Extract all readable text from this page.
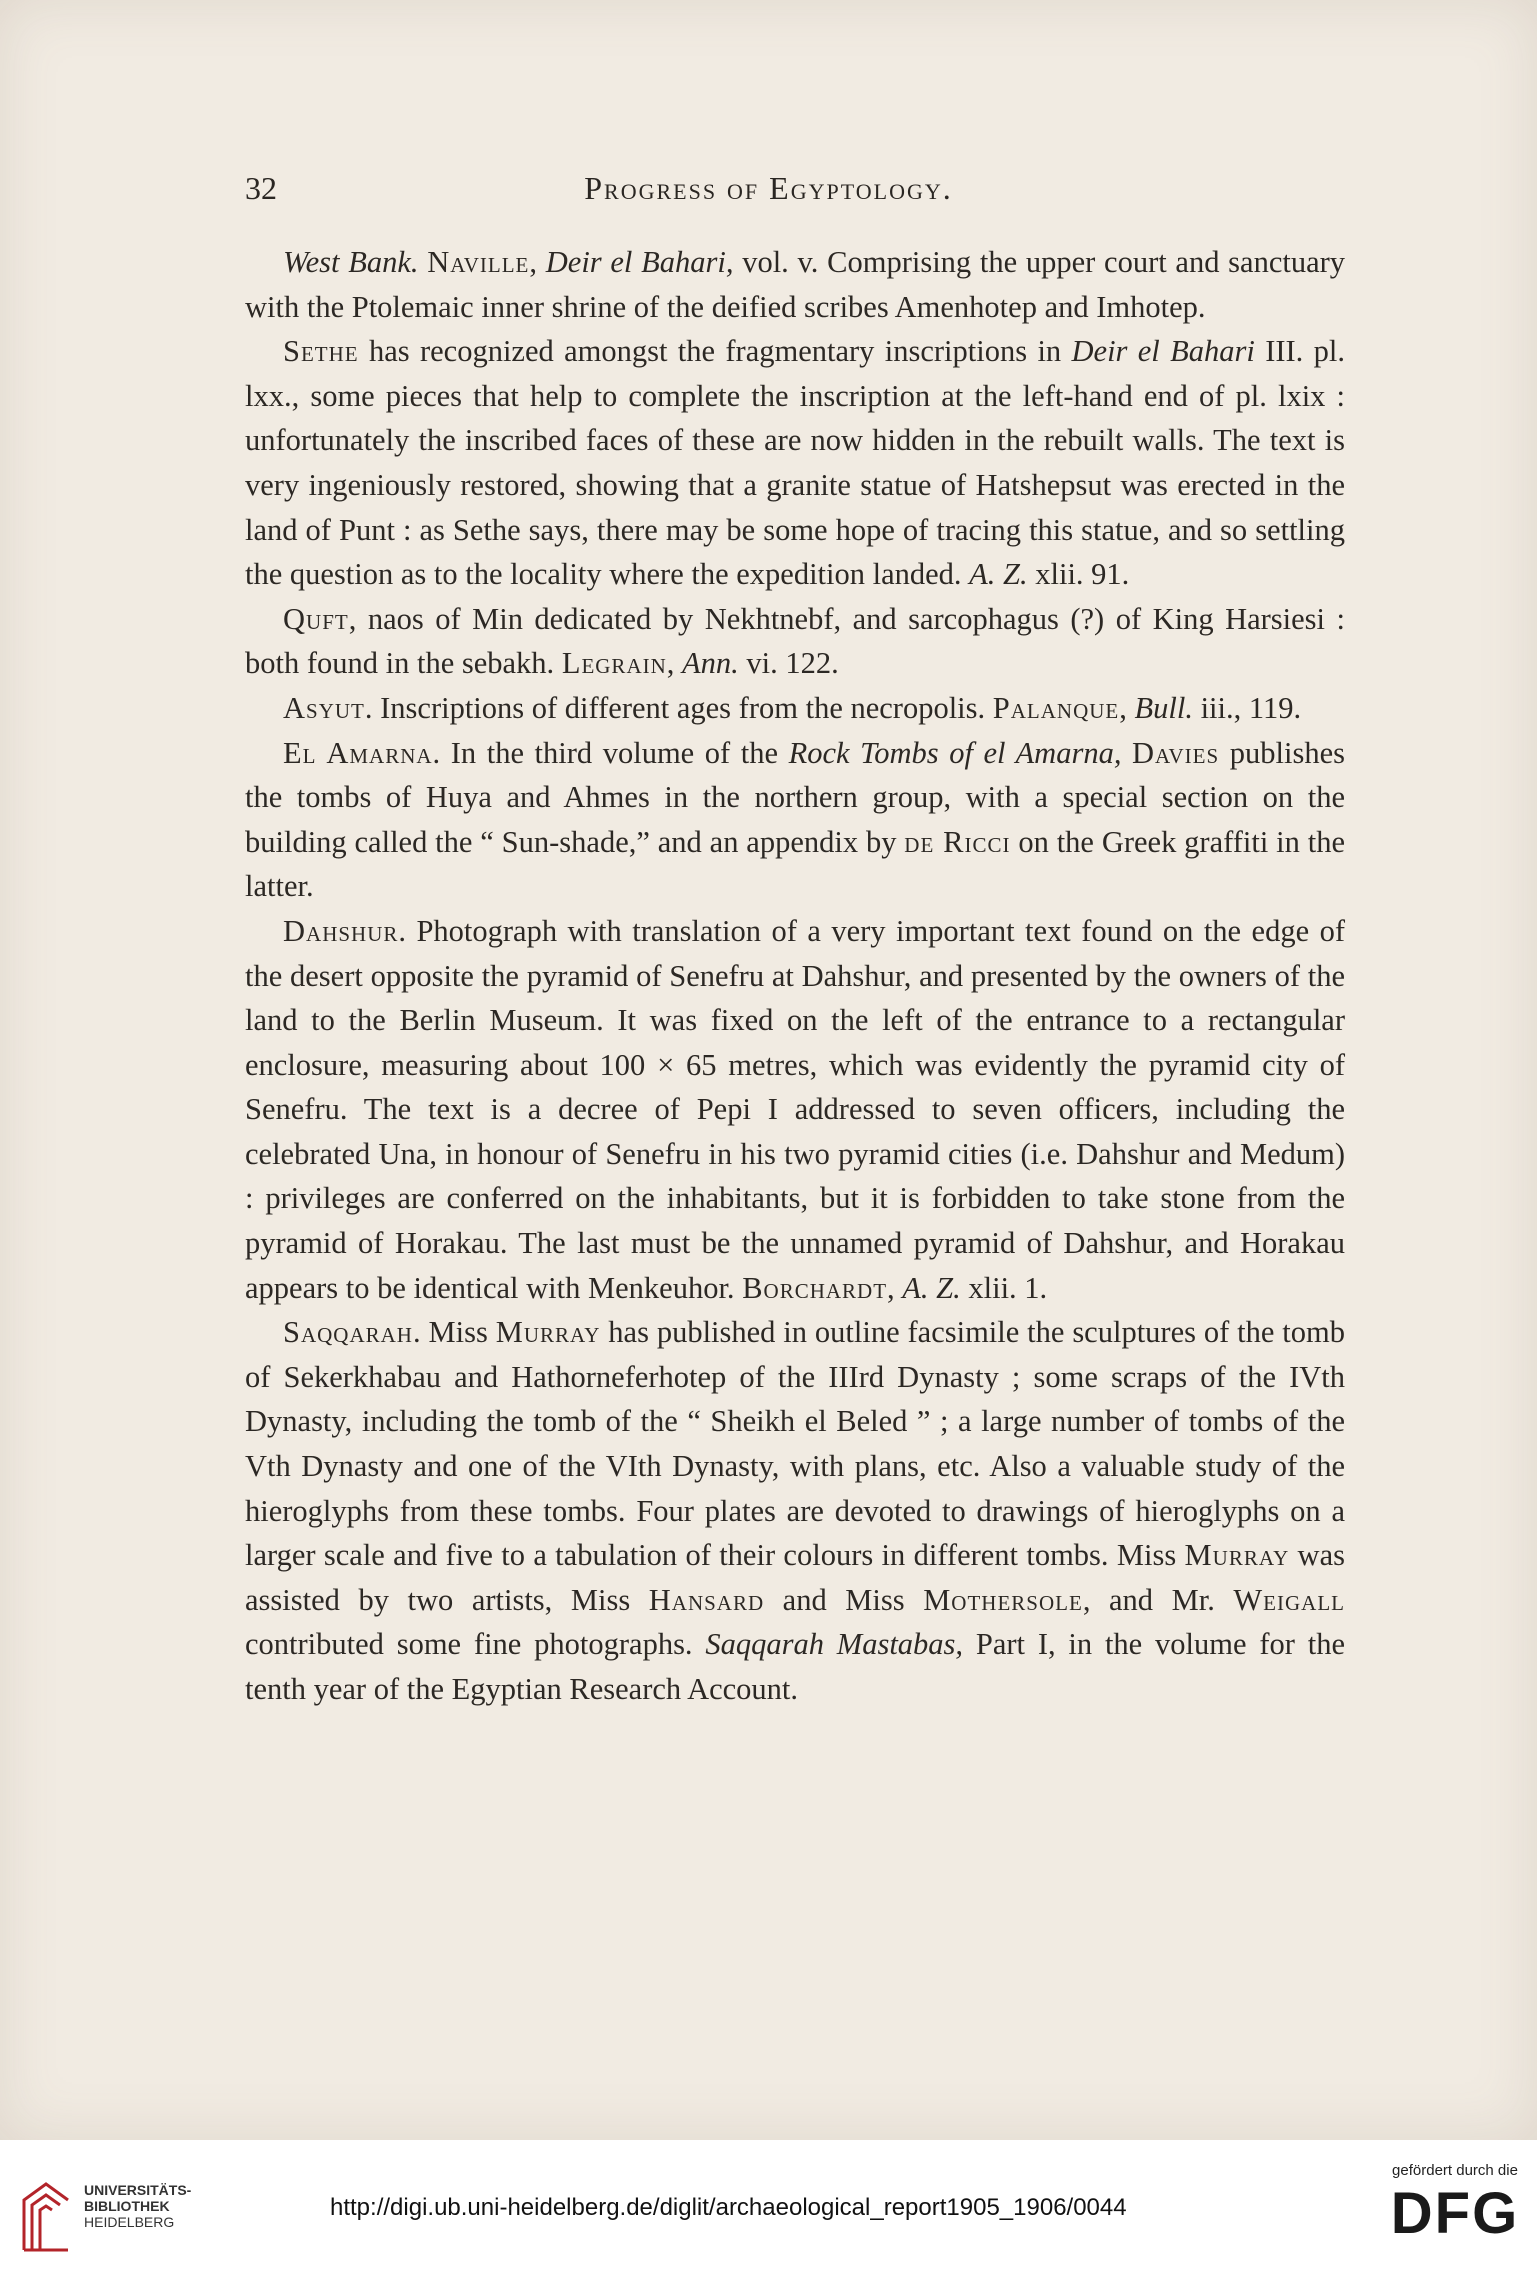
32	Progress of Egyptology.

West Bank. Naville, Deir el Bahari, vol. v. Comprising the upper court and sanctuary with the Ptolemaic inner shrine of the deified scribes Amenhotep and Imhotep.

Sethe has recognized amongst the fragmentary inscriptions in Deir el Bahari III. pl. lxx., some pieces that help to complete the inscription at the left-hand end of pl. lxix : unfortunately the inscribed faces of these are now hidden in the rebuilt walls. The text is very ingeniously restored, showing that a granite statue of Hatshepsut was erected in the land of Punt : as Sethe says, there may be some hope of tracing this statue, and so settling the question as to the locality where the expedition landed. A. Z. xlii. 91.

Quft, naos of Min dedicated by Nekhtnebf, and sarcophagus (?) of King Harsiesi : both found in the sebakh. Legrain, Ann. vi. 122.

Asyut. Inscriptions of different ages from the necropolis. Palanque, Bull. iii., 119.

El Amarna. In the third volume of the Rock Tombs of el Amarna, Davies publishes the tombs of Huya and Ahmes in the northern group, with a special section on the building called the “ Sun-shade,” and an appendix by de Ricci on the Greek graffiti in the latter.

Dahshur. Photograph with translation of a very important text found on the edge of the desert opposite the pyramid of Senefru at Dahshur, and presented by the owners of the land to the Berlin Museum. It was fixed on the left of the entrance to a rectangular enclosure, measuring about 100 × 65 metres, which was evidently the pyramid city of Senefru. The text is a decree of Pepi I addressed to seven officers, including the celebrated Una, in honour of Senefru in his two pyramid cities (i.e. Dahshur and Medum) : privileges are conferred on the inhabitants, but it is forbidden to take stone from the pyramid of Horakau. The last must be the unnamed pyramid of Dahshur, and Horakau appears to be identical with Menkeuhor. Borchardt, A. Z. xlii. 1.

Saqqarah. Miss Murray has published in outline facsimile the sculptures of the tomb of Sekerkhabau and Hathorneferhotep of the IIIrd Dynasty ; some scraps of the IVth Dynasty, including the tomb of the “ Sheikh el Beled ” ; a large number of tombs of the Vth Dynasty and one of the VIth Dynasty, with plans, etc. Also a valuable study of the hieroglyphs from these tombs. Four plates are devoted to drawings of hieroglyphs on a larger scale and five to a tabulation of their colours in different tombs. Miss Murray was assisted by two artists, Miss Hansard and Miss Mothersole, and Mr. Weigall contributed some fine photographs. Saqqarah Mastabas, Part I, in the volume for the tenth year of the Egyptian Research Account.

UNIVERSITÄTS-
BIBLIOTHEK
HEIDELBERG
http://digi.ub.uni-heidelberg.de/diglit/archaeological_report1905_1906/0044
gefördert durch die
DFG
